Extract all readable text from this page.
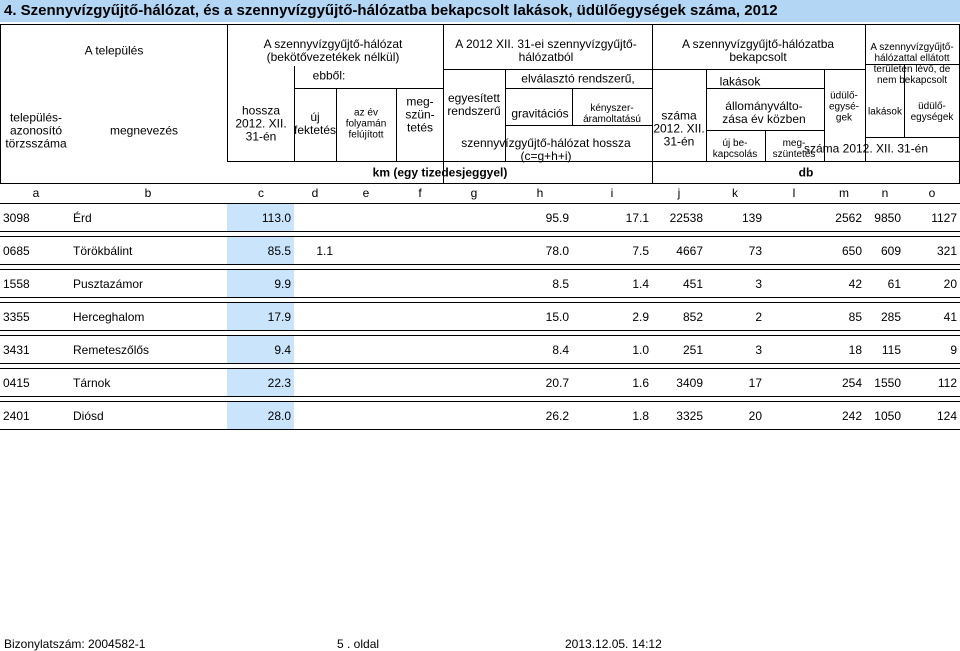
4. Szennyvízgyűjtő-hálózat, és a szennyvízgyűjtő-hálózatba bekapcsolt lakások, üdülőegységek száma, 2012
A település
település-
azonosító
törzsszáma
megnevezés
A szennyvízgyűjtő-hálózat
(bekötővezetékek nélkül)
hossza
2012. XII.
31-én
ebből:
új
fektetés
az év
folyamán
felújított
meg-
szün-
tetés
A 2012 XII. 31-ei szennyvízgyűjtő-
hálózatból
egyesített
rendszerű
elválasztó rendszerű,
gravitációs	kényszer-
áramoltatású
szennyvízgyűjtő-hálózat hossza
(c=g+h+i)
A szennyvízgyűjtő-hálózatba
bekapcsolt
lakások
száma
2012. XII.
31-én
állományválto-
zása év közben
új be-
kapcsolás
meg-
szüntetés
üdülő-
egysé-
gek
A szennyvízgyűjtő-
hálózattal ellátott
területen lévő, de
nem bekapcsolt
lakások	üdülő-
egységek
száma 2012. XII. 31-én
km (egy tizedesjeggyel)	db
a	b	c	d	e	f	g	h	i	j	k	l	m	n	o
3098	Érd	113.0					95.9	17.1	22538	139		2562	9850	1127

0685	Törökbálint	85.5	1.1				78.0	7.5	4667	73		650	609	321

1558	Pusztazámor	9.9					8.5	1.4	451	3		42	61	20

3355	Herceghalom	17.9					15.0	2.9	852	2		85	285	41

3431	Remeteszőlős	9.4					8.4	1.0	251	3		18	115	9

0415	Tárnok	22.3					20.7	1.6	3409	17		254	1550	112

2401	Diósd	28.0					26.2	1.8	3325	20		242	1050	124
Bizonylatszám: 2004582-1	5 . oldal	2013.12.05. 14:12
